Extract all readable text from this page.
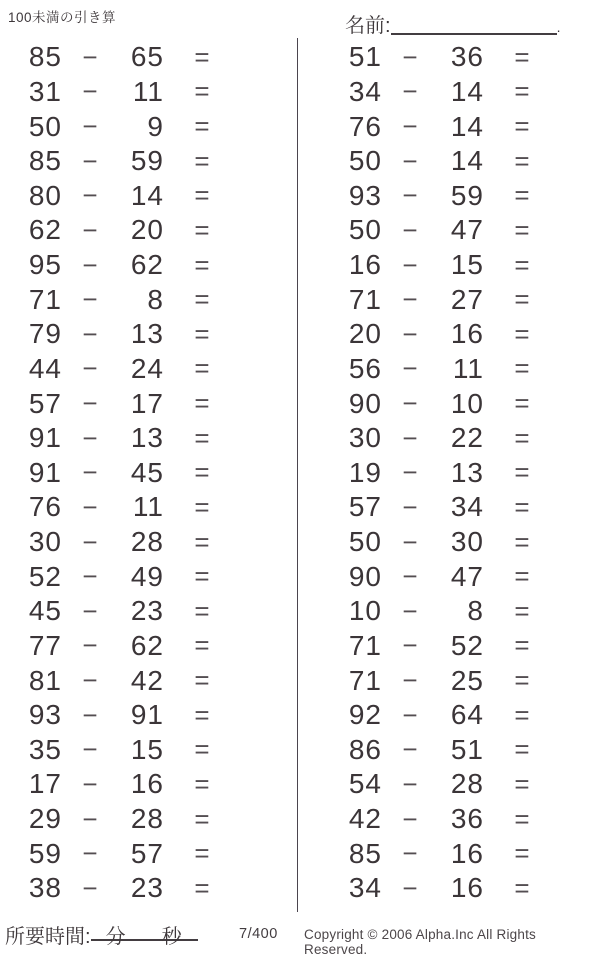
100未満の引き算	名前:	.
85 −	65	=
31 −	11	=
50 −	9	=
85 −	59	=
80 −	14	=
62 −	20	=
95 −	62	=
71 −	8	=
79 −	13	=
44 −	24	=
57 −	17	=
91 −	13	=
91 −	45	=
76 −	11	=
30 −	28	=
52 −	49	=
45 −	23	=
77 −	62	=
81 −	42	=
93 −	91	=
35 −	15	=
17 −	16	=
29 −	28	=
59 −	57	=
38 −	23	=
51 −	36	=
34 −	14	=
76 −	14	=
50 −	14	=
93 −	59	=
50 −	47	=
16 −	15	=
71 −	27	=
20 −	16	=
56 −	11	=
90 −	10	=
30 −	22	=
19 −	13	=
57 −	34	=
50 −	30	=
90 −	47	=
10 −	8	=
71 −	52	=
71 −	25	=
92 −	64	=
86 −	51	=
54 −	28	=
42 −	36	=
85 −	16	=
34 −	16	=
所要時間: 分 秒	7/400 Copyright © 2006 Alpha.Inc All Rights Reserved.
